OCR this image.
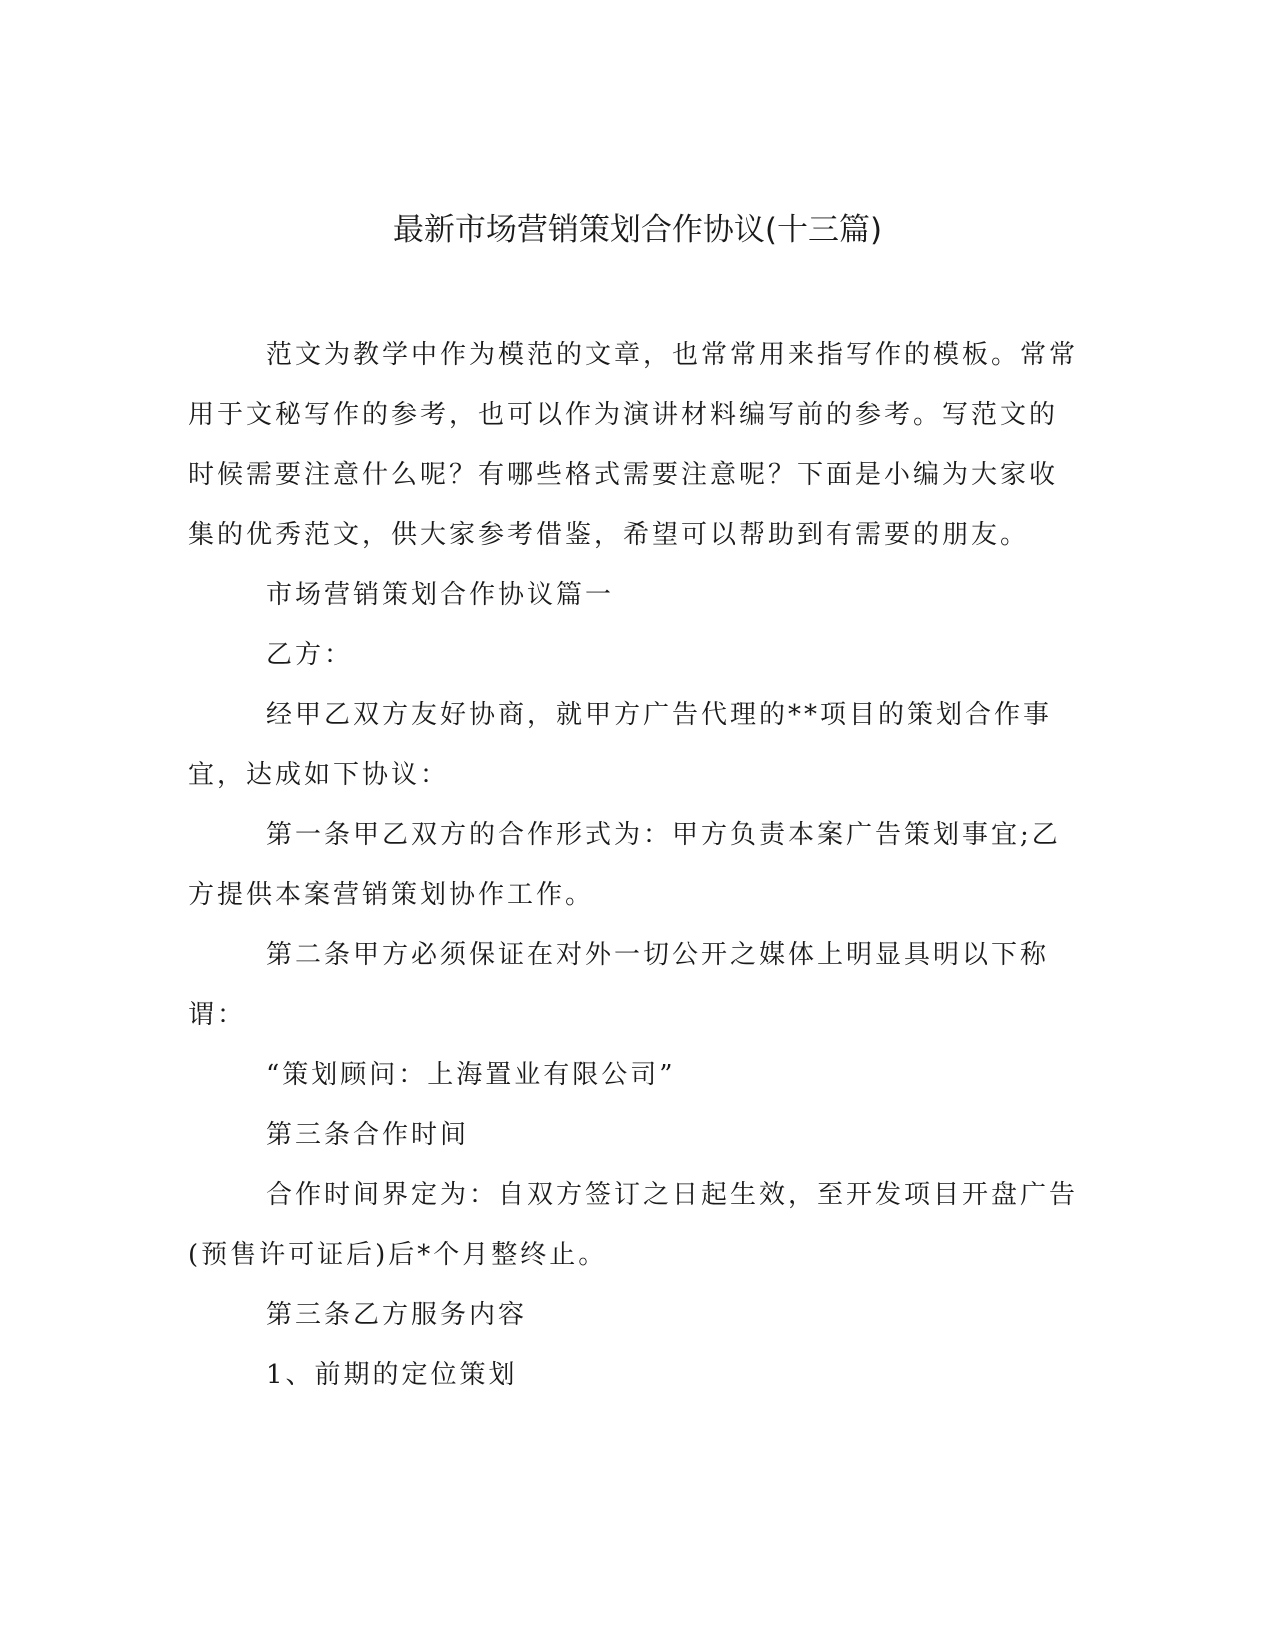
最新市场营销策划合作协议(十三篇)

范文为教学中作为模范的文章，也常常用来指写作的模板。常常用于文秘写作的参考，也可以作为演讲材料编写前的参考。写范文的时候需要注意什么呢？有哪些格式需要注意呢？下面是小编为大家收集的优秀范文，供大家参考借鉴，希望可以帮助到有需要的朋友。

市场营销策划合作协议篇一

乙方：

经甲乙双方友好协商，就甲方广告代理的**项目的策划合作事宜，达成如下协议：

第一条甲乙双方的合作形式为：甲方负责本案广告策划事宜;乙方提供本案营销策划协作工作。

第二条甲方必须保证在对外一切公开之媒体上明显具明以下称谓：

“策划顾问：上海置业有限公司”

第三条合作时间

合作时间界定为：自双方签订之日起生效，至开发项目开盘广告(预售许可证后)后*个月整终止。

第三条乙方服务内容

1、前期的定位策划
